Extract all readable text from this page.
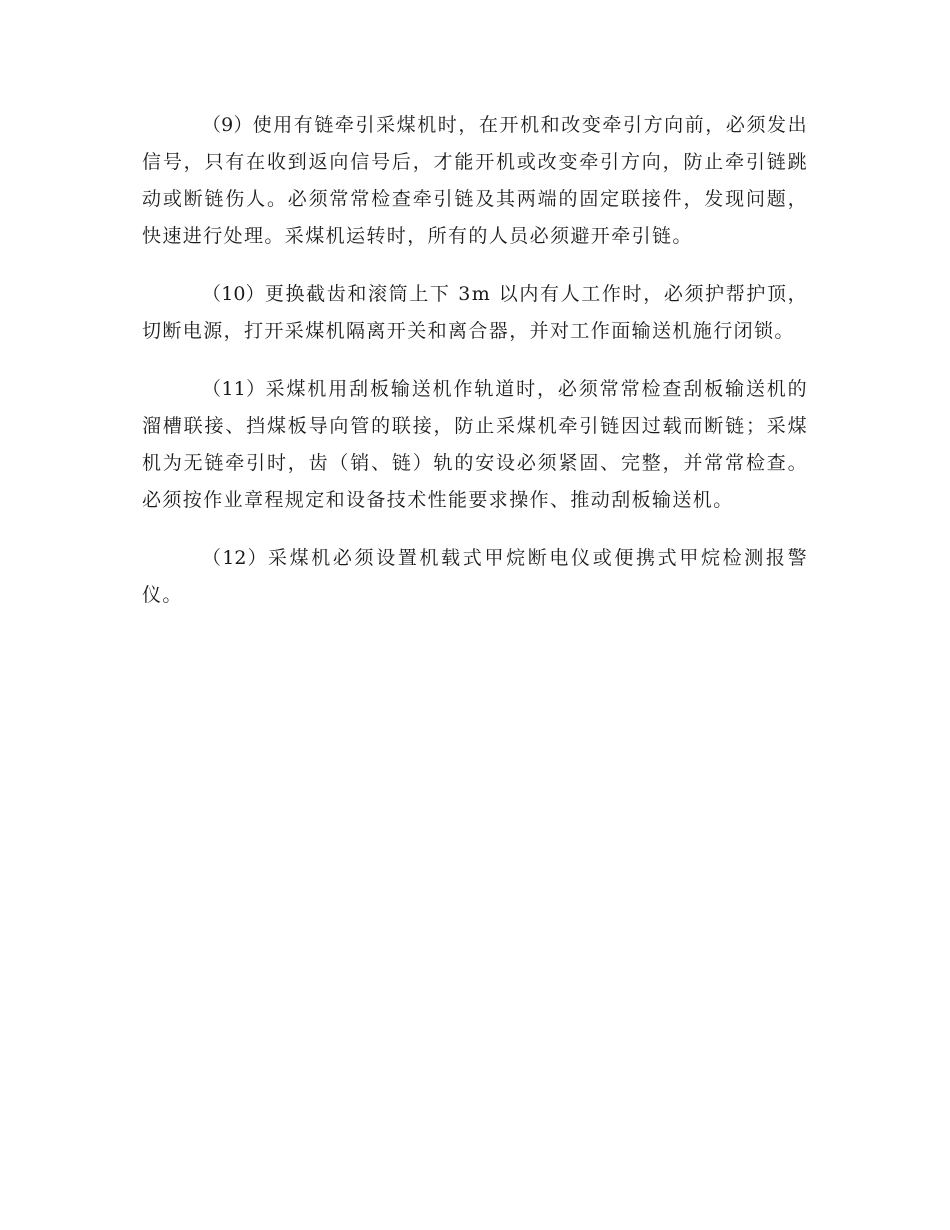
（9）使用有链牵引采煤机时，在开机和改变牵引方向前，必须发出信号，只有在收到返向信号后，才能开机或改变牵引方向，防止牵引链跳动或断链伤人。必须常常检查牵引链及其两端的固定联接件，发现问题，快速进行处理。采煤机运转时，所有的人员必须避开牵引链。

（10）更换截齿和滚筒上下 3m 以内有人工作时，必须护帮护顶，切断电源，打开采煤机隔离开关和离合器，并对工作面输送机施行闭锁。

（11）采煤机用刮板输送机作轨道时，必须常常检查刮板输送机的溜槽联接、挡煤板导向管的联接，防止采煤机牵引链因过载而断链；采煤机为无链牵引时，齿（销、链）轨的安设必须紧固、完整，并常常检查。必须按作业章程规定和设备技术性能要求操作、推动刮板输送机。

（12）采煤机必须设置机载式甲烷断电仪或便携式甲烷检测报警仪。
